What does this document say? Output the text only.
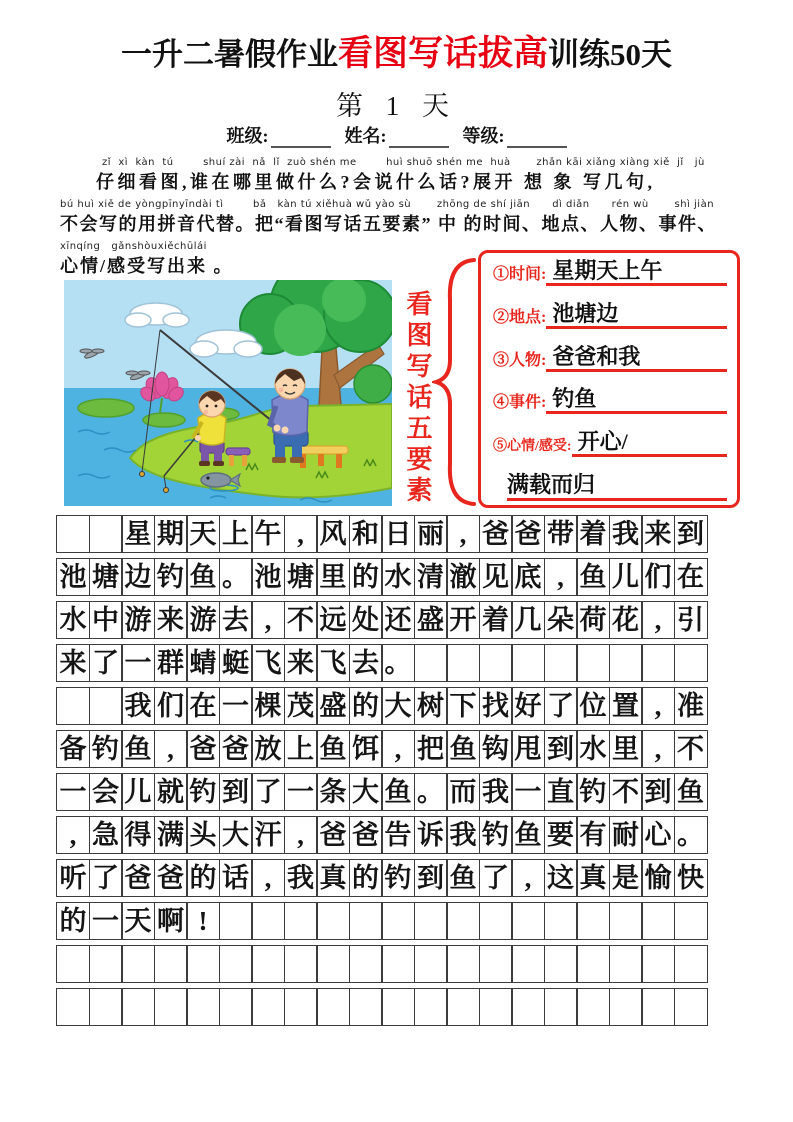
一升二暑假作业看图写话拔高训练50天
第 1 天
班级:	姓名:	等级:
zǐ  xì  kàn  tú        shuí zài  nǎ  lǐ  zuò shén me        huì shuō shén me  huà       zhǎn kāi xiǎng xiàng xiě  jǐ   jù
仔细看图,谁在哪里做什么?会说什么话?展开 想 象 写几句,
bú huì xiě de yòngpīnyīndài tì        bǎ   kàn tú xiěhuà wǔ yào sù       zhōng de shí jiān      dì diǎn      rén wù       shì jiàn
不会写的用拼音代替。把“看图写话五要素” 中 的时间、地点、人物、事件、
xīnqíng   gǎnshòuxiěchūlái
心情/感受写出来 。
看图写话五要素
①时间: 星期天上午
②地点: 池塘边
③人物: 爸爸和我
④事件: 钓鱼
⑤心情/感受: 开心/
满载而归
星 期 天 上 午 , 风 和 日 丽 , 爸 爸 带 着 我 来 到
池 塘 边 钓 鱼 。 池 塘 里 的 水 清 澈 见 底 , 鱼 儿 们 在
水 中 游 来 游 去 , 不 远 处 还 盛 开 着 几 朵 荷 花 , 引
来 了 一 群 蜻 蜓 飞 来 飞 去 。
我 们 在 一 棵 茂 盛 的 大 树 下 找 好 了 位 置 , 准
备 钓 鱼 , 爸 爸 放 上 鱼 饵 , 把 鱼 钩 甩 到 水 里 , 不
一 会 儿 就 钓 到 了 一 条 大 鱼 。 而 我 一 直 钓 不 到 鱼
, 急 得 满 头 大 汗 , 爸 爸 告 诉 我 钓 鱼 要 有 耐 心 。
听 了 爸 爸 的 话 , 我 真 的 钓 到 鱼 了 , 这 真 是 愉 快
的 一 天 啊 !
